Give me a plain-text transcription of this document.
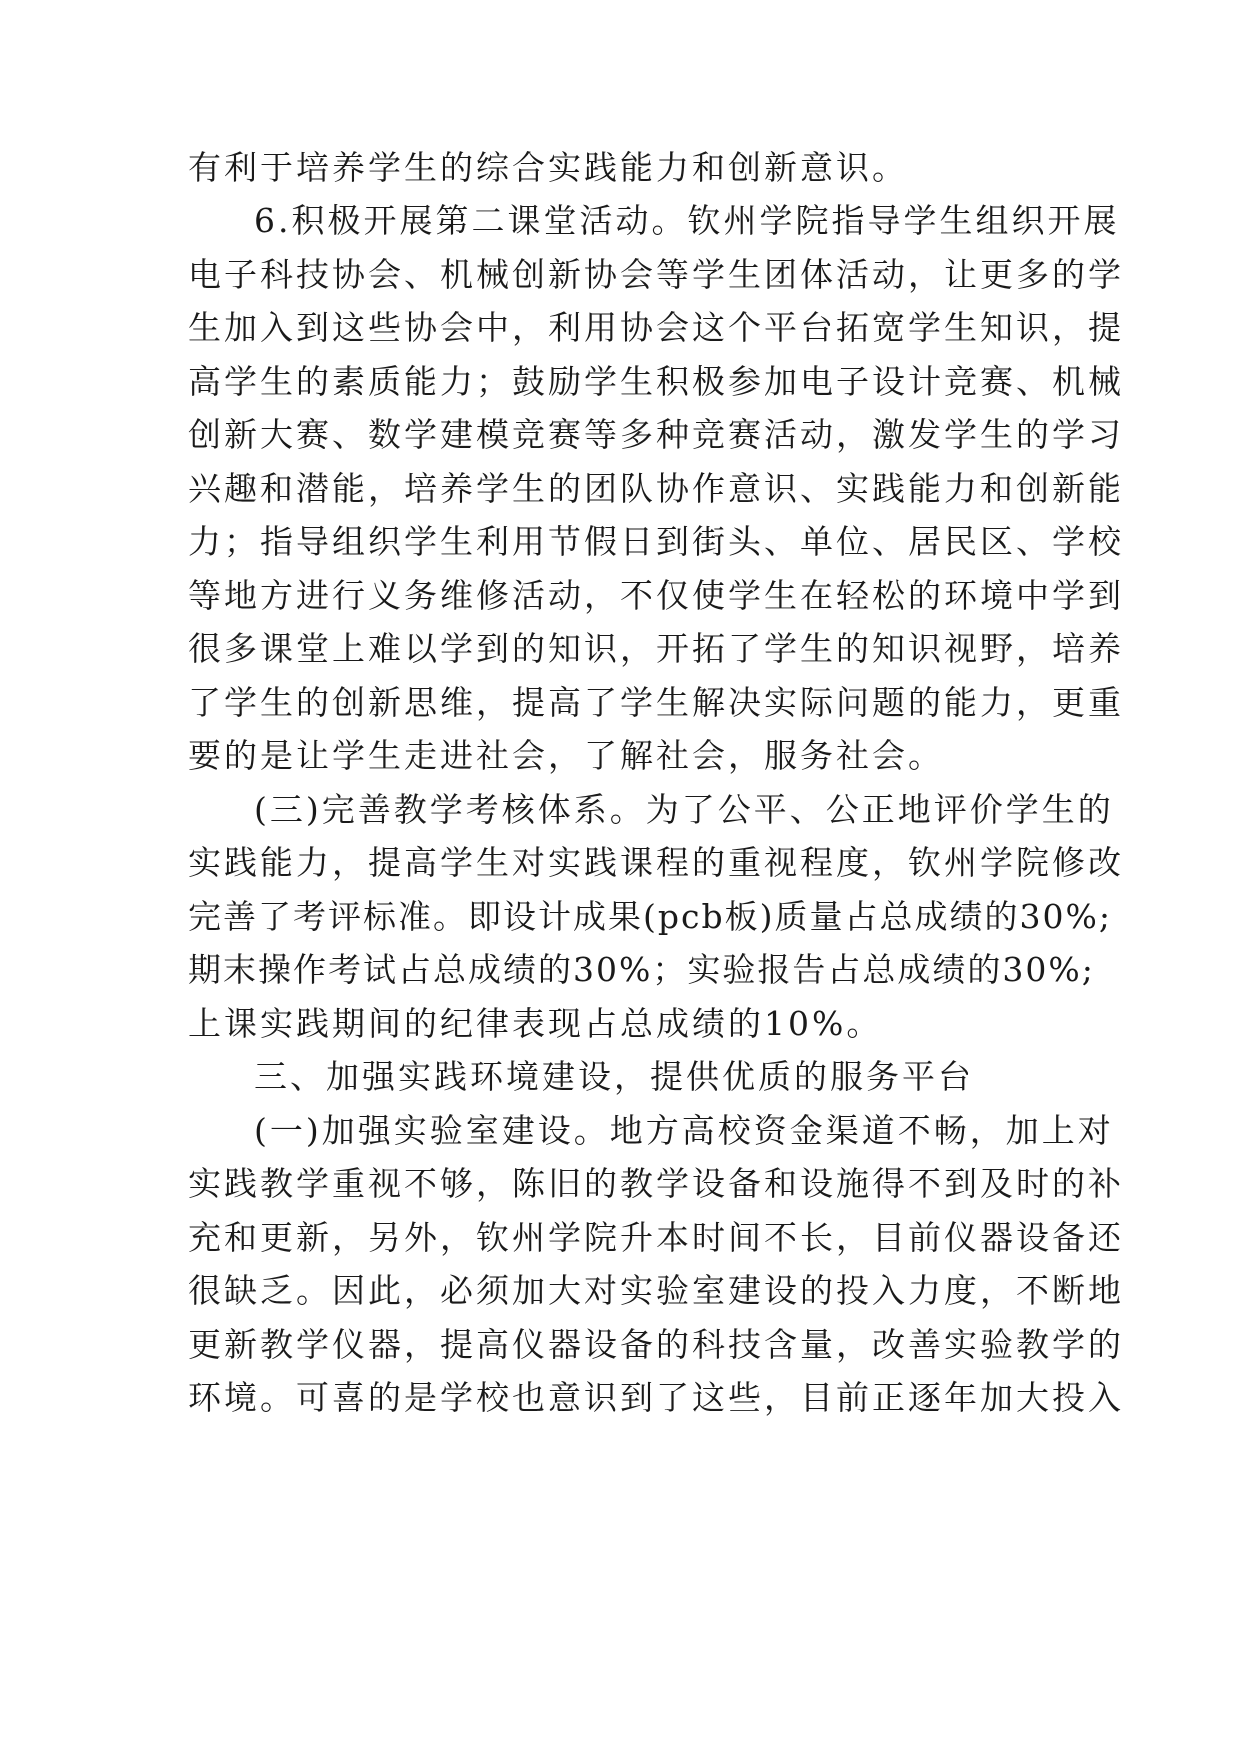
有利于培养学生的综合实践能力和创新意识。

6.积极开展第二课堂活动。钦州学院指导学生组织开展

电子科技协会、机械创新协会等学生团体活动，让更多的学

生加入到这些协会中，利用协会这个平台拓宽学生知识，提

高学生的素质能力；鼓励学生积极参加电子设计竞赛、机械

创新大赛、数学建模竞赛等多种竞赛活动，激发学生的学习

兴趣和潜能，培养学生的团队协作意识、实践能力和创新能

力；指导组织学生利用节假日到街头、单位、居民区、学校

等地方进行义务维修活动，不仅使学生在轻松的环境中学到

很多课堂上难以学到的知识，开拓了学生的知识视野，培养

了学生的创新思维，提高了学生解决实际问题的能力，更重

要的是让学生走进社会，了解社会，服务社会。

(三)完善教学考核体系。为了公平、公正地评价学生的

实践能力，提高学生对实践课程的重视程度，钦州学院修改

完善了考评标准。即设计成果(pcb板)质量占总成绩的30%;

期末操作考试占总成绩的30%；实验报告占总成绩的30%;

上课实践期间的纪律表现占总成绩的10%。

三、加强实践环境建设，提供优质的服务平台

(一)加强实验室建设。地方高校资金渠道不畅，加上对

实践教学重视不够，陈旧的教学设备和设施得不到及时的补

充和更新，另外，钦州学院升本时间不长，目前仪器设备还

很缺乏。因此，必须加大对实验室建设的投入力度，不断地

更新教学仪器，提高仪器设备的科技含量，改善实验教学的

环境。可喜的是学校也意识到了这些，目前正逐年加大投入
